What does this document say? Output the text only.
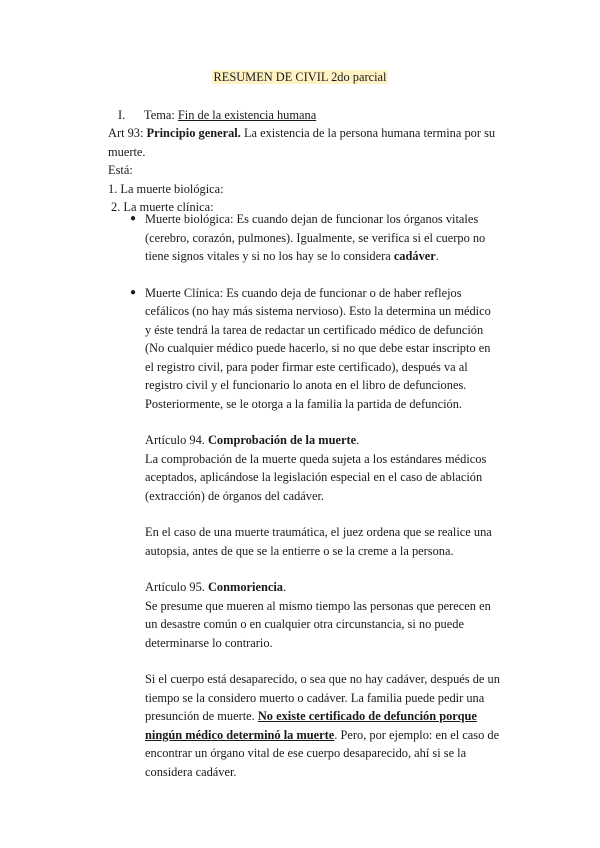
RESUMEN DE CIVIL 2do parcial
I. Tema: Fin de la existencia humana

Art 93: Principio general. La existencia de la persona humana termina por su muerte.

Está:

1. La muerte biológica:

2. La muerte clínica:

● Muerte biológica: Es cuando dejan de funcionar los órganos vitales (cerebro, corazón, pulmones). Igualmente, se verifica si el cuerpo no tiene signos vitales y si no los hay se lo considera cadáver.
● Muerte Clínica: Es cuando deja de funcionar o de haber reflejos cefálicos (no hay más sistema nervioso). Esto la determina un médico y éste tendrá la tarea de redactar un certificado médico de defunción (No cualquier médico puede hacerlo, si no que debe estar inscripto en el registro civil, para poder firmar este certificado), después va al registro civil y el funcionario lo anota en el libro de defunciones. Posteriormente, se le otorga a la familia la partida de defunción.
Artículo 94. Comprobación de la muerte.
La comprobación de la muerte queda sujeta a los estándares médicos aceptados, aplicándose la legislación especial en el caso de ablación (extracción) de órganos del cadáver.
En el caso de una muerte traumática, el juez ordena que se realice una autopsia, antes de que se la entierre o se la creme a la persona.
Artículo 95. Conmoriencia.
Se presume que mueren al mismo tiempo las personas que perecen en un desastre común o en cualquier otra circunstancia, si no puede determinarse lo contrario.
Si el cuerpo está desaparecido, o sea que no hay cadáver, después de un tiempo se la considero muerto o cadáver. La familia puede pedir una presunción de muerte. No existe certificado de defunción porque ningún médico determinó la muerte. Pero, por ejemplo: en el caso de encontrar un órgano vital de ese cuerpo desaparecido, ahí si se la considera cadáver.
